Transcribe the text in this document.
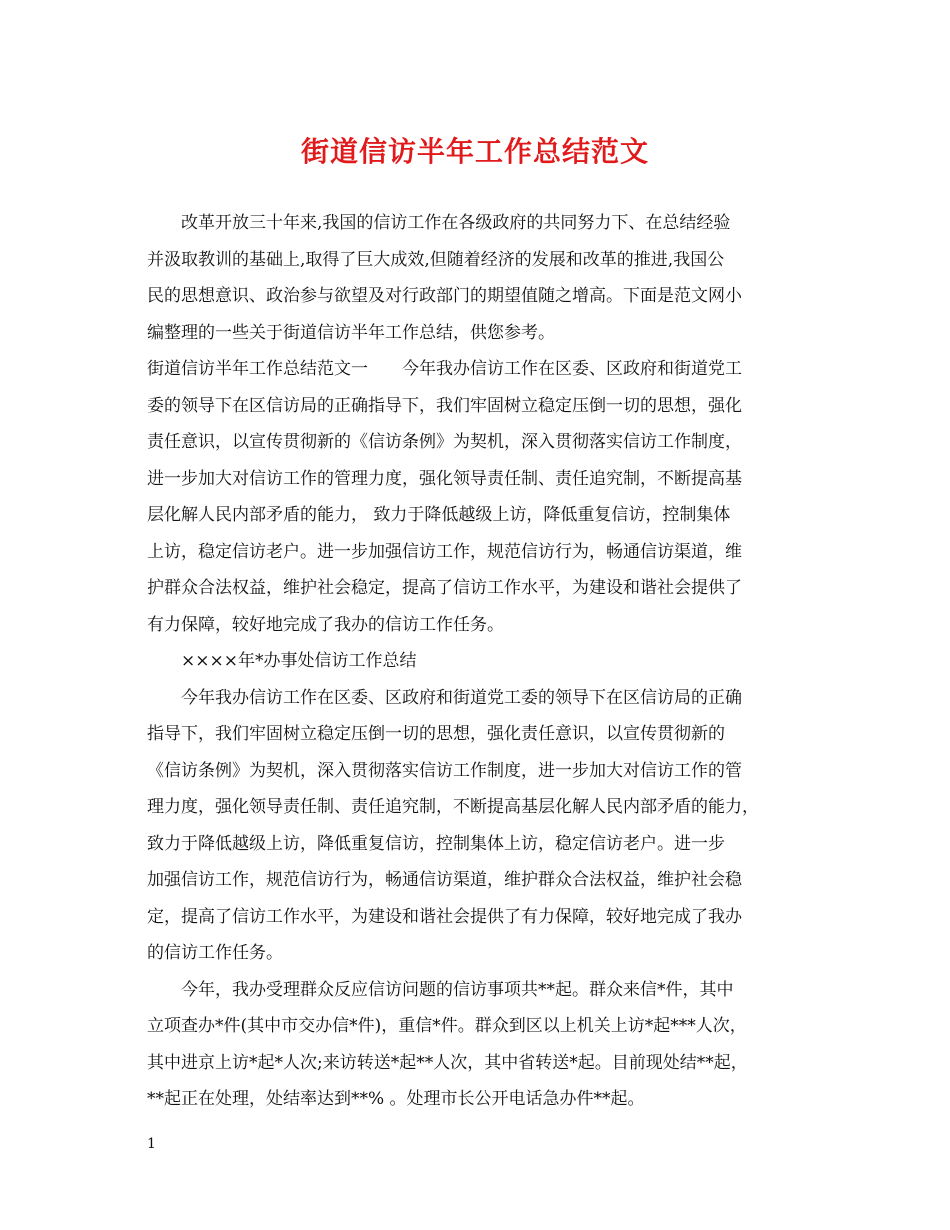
街道信访半年工作总结范文
　　改革开放三十年来,我国的信访工作在各级政府的共同努力下、在总结经验
并汲取教训的基础上,取得了巨大成效,但随着经济的发展和改革的推进,我国公
民的思想意识、政治参与欲望及对行政部门的期望值随之增高。下面是范文网小
编整理的一些关于街道信访半年工作总结，供您参考。
街道信访半年工作总结范文一　　今年我办信访工作在区委、区政府和街道党工
委的领导下在区信访局的正确指导下，我们牢固树立稳定压倒一切的思想，强化
责任意识，以宣传贯彻新的《信访条例》为契机，深入贯彻落实信访工作制度，
进一步加大对信访工作的管理力度，强化领导责任制、责任追究制，不断提高基
层化解人民内部矛盾的能力， 致力于降低越级上访，降低重复信访，控制集体
上访，稳定信访老户。进一步加强信访工作，规范信访行为，畅通信访渠道，维
护群众合法权益，维护社会稳定，提高了信访工作水平，为建设和谐社会提供了
有力保障，较好地完成了我办的信访工作任务。
　　××××年*办事处信访工作总结
　　今年我办信访工作在区委、区政府和街道党工委的领导下在区信访局的正确
指导下，我们牢固树立稳定压倒一切的思想，强化责任意识，以宣传贯彻新的
《信访条例》为契机，深入贯彻落实信访工作制度，进一步加大对信访工作的管
理力度，强化领导责任制、责任追究制，不断提高基层化解人民内部矛盾的能力，
致力于降低越级上访，降低重复信访，控制集体上访，稳定信访老户。进一步
加强信访工作，规范信访行为，畅通信访渠道，维护群众合法权益，维护社会稳
定，提高了信访工作水平，为建设和谐社会提供了有力保障，较好地完成了我办
的信访工作任务。
　　今年，我办受理群众反应信访问题的信访事项共**起。群众来信*件，其中
立项查办*件(其中市交办信*件)，重信*件。群众到区以上机关上访*起***人次，
其中进京上访*起*人次;来访转送*起**人次，其中省转送*起。目前现处结**起，
**起正在处理，处结率达到**% 。处理市长公开电话急办件**起。
1
